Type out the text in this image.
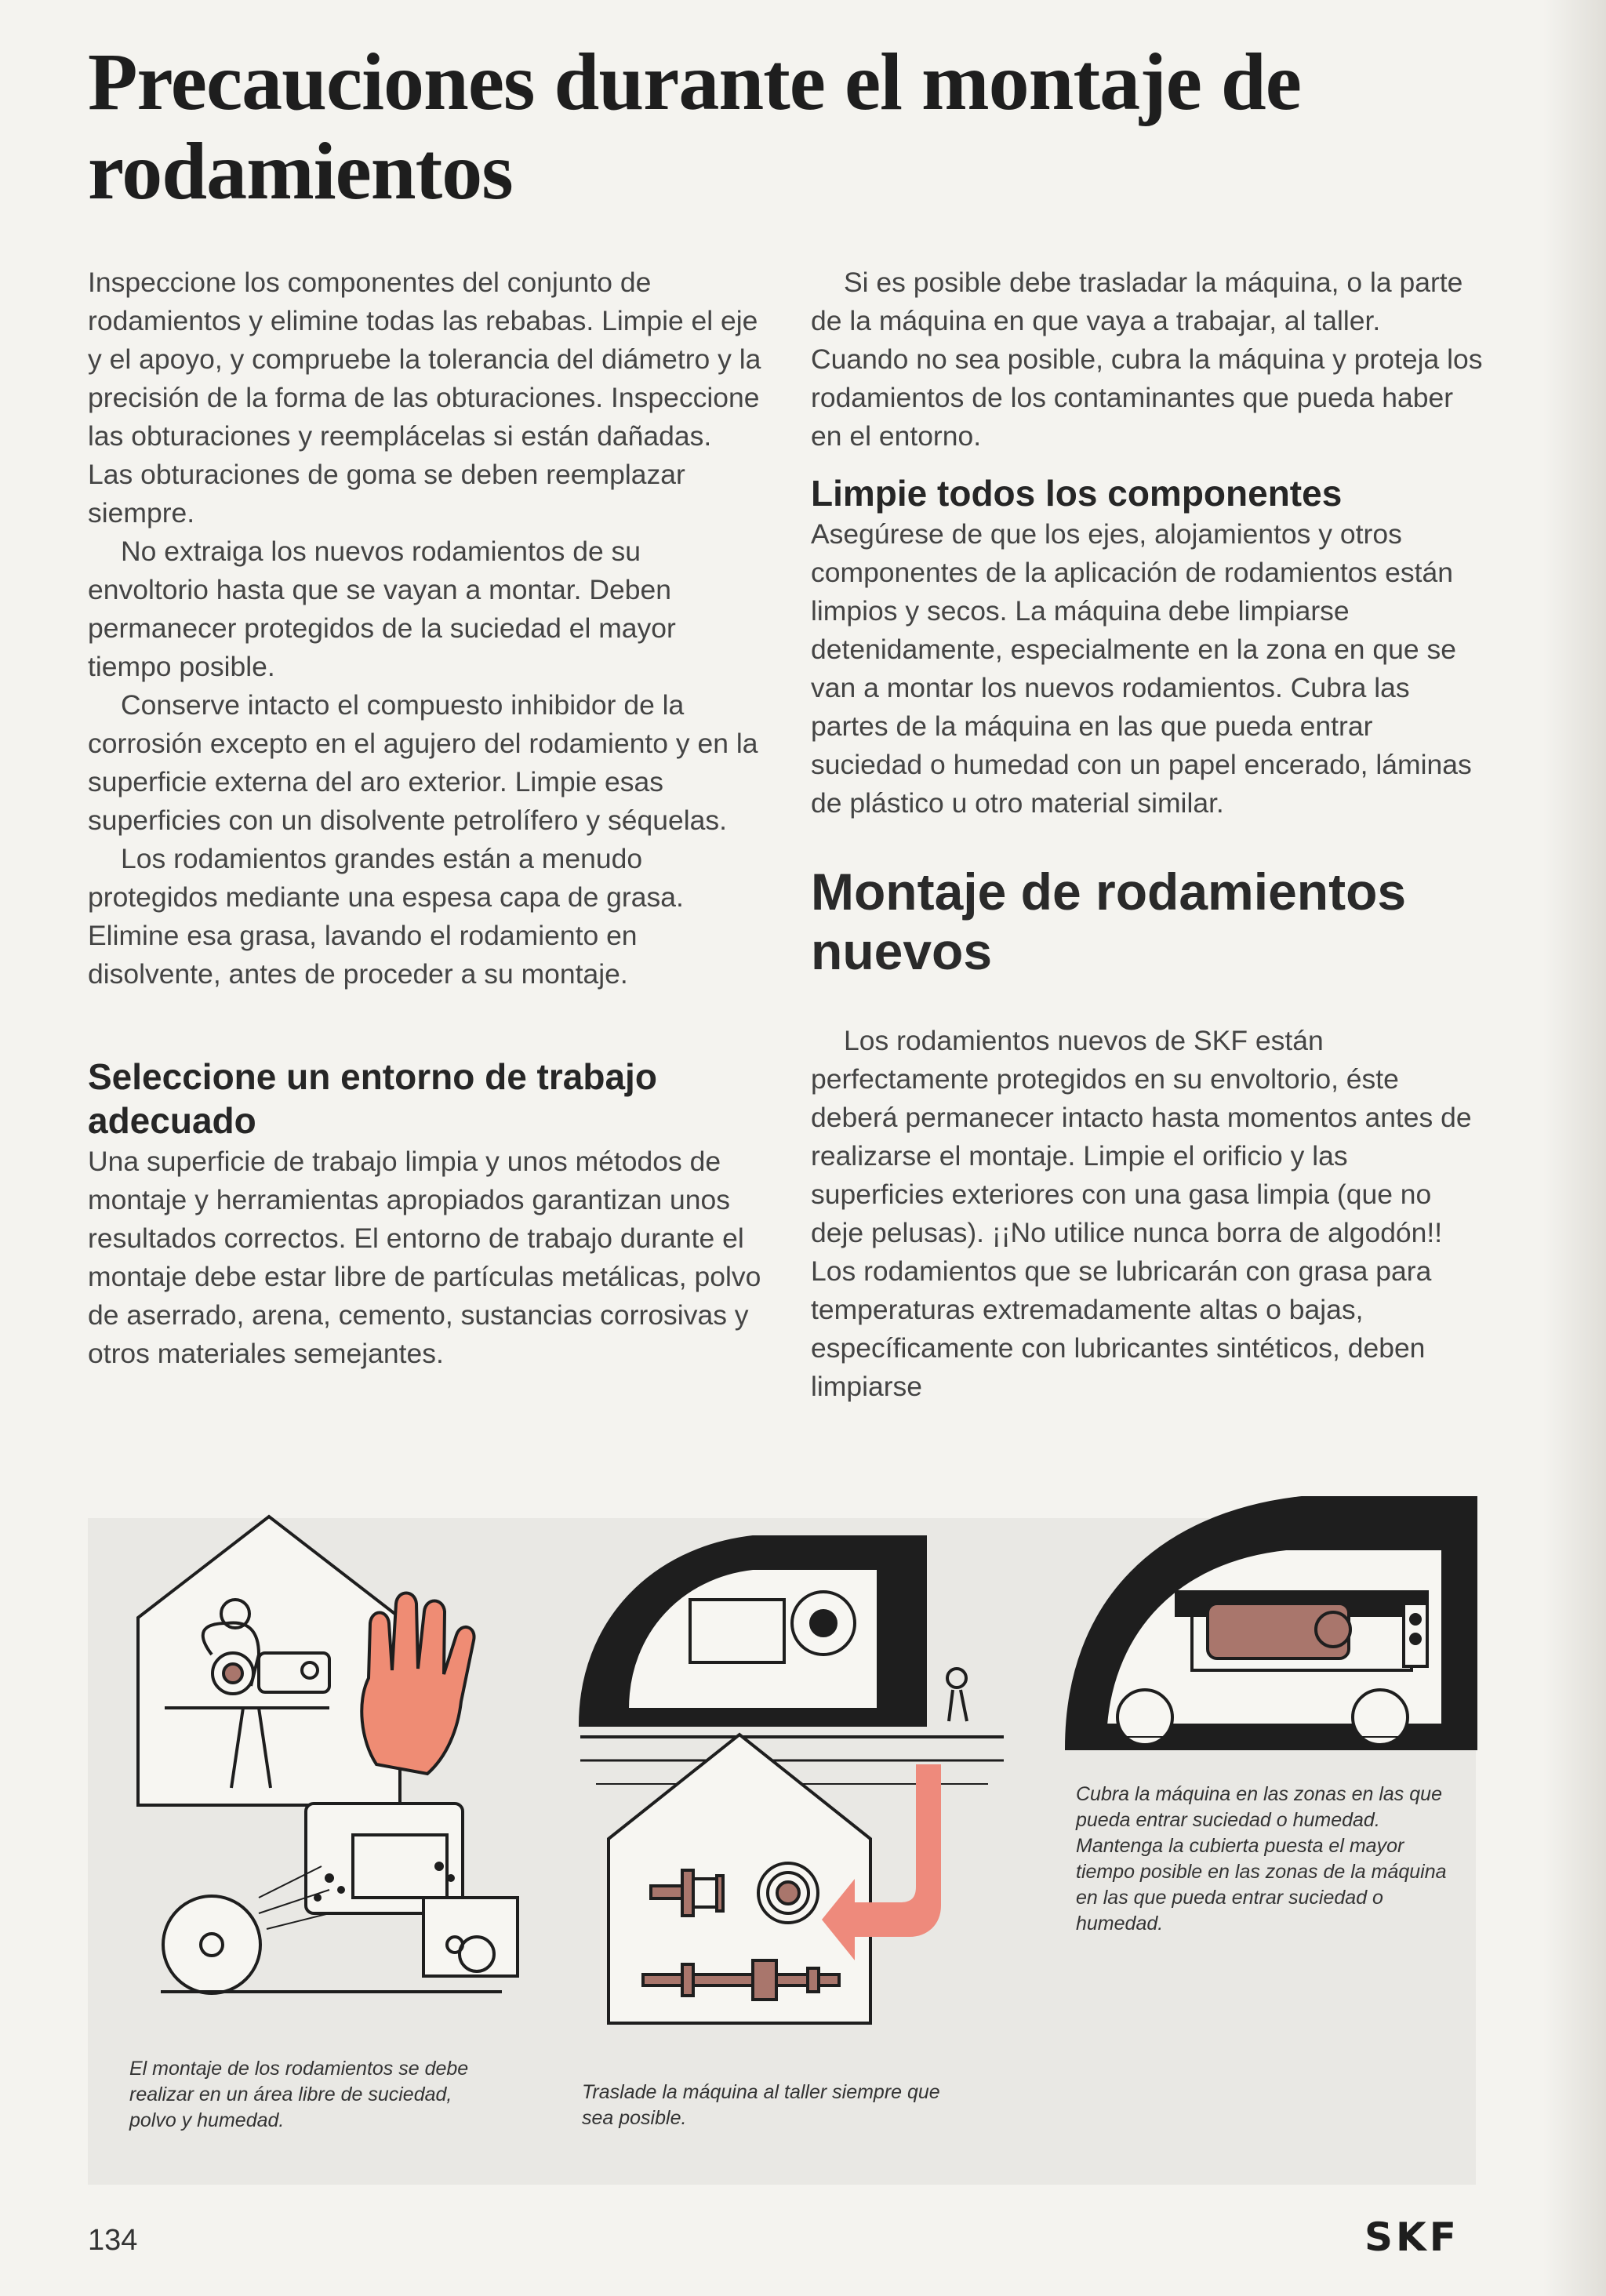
Precauciones durante el montaje de rodamientos

Inspeccione los componentes del conjunto de rodamientos y elimine todas las rebabas. Limpie el eje y el apoyo, y compruebe la tolerancia del diámetro y la precisión de la forma de las obturaciones. Inspeccione las obturaciones y reemplácelas si están dañadas. Las obturaciones de goma se deben reemplazar siempre.

No extraiga los nuevos rodamientos de su envoltorio hasta que se vayan a montar. Deben permanecer protegidos de la suciedad el mayor tiempo posible.

Conserve intacto el compuesto inhibidor de la corrosión excepto en el agujero del rodamiento y en la superficie externa del aro exterior. Limpie esas superficies con un disolvente petrolífero y séquelas.

Los rodamientos grandes están a menudo protegidos mediante una espesa capa de grasa. Elimine esa grasa, lavando el rodamiento en disolvente, antes de proceder a su montaje.

Seleccione un entorno de trabajo adecuado

Una superficie de trabajo limpia y unos métodos de montaje y herramientas apropiados garantizan unos resultados correctos. El entorno de trabajo durante el montaje debe estar libre de partículas metálicas, polvo de aserrado, arena, cemento, sustancias corrosivas y otros materiales semejantes.

Si es posible debe trasladar la máquina, o la parte de la máquina en que vaya a trabajar, al taller. Cuando no sea posible, cubra la máquina y proteja los rodamientos de los contaminantes que pueda haber en el entorno.

Limpie todos los componentes

Asegúrese de que los ejes, alojamientos y otros componentes de la aplicación de rodamientos están limpios y secos. La máquina debe limpiarse detenidamente, especialmente en la zona en que se van a montar los nuevos rodamientos. Cubra las partes de la máquina en las que pueda entrar suciedad o humedad con un papel encerado, láminas de plástico u otro material similar.

Montaje de rodamientos nuevos

Los rodamientos nuevos de SKF están perfectamente protegidos en su envoltorio, éste deberá permanecer intacto hasta momentos antes de realizarse el montaje. Limpie el orificio y las superficies exteriores con una gasa limpia (que no deje pelusas). ¡¡No utilice nunca borra de algodón!! Los rodamientos que se lubricarán con grasa para temperaturas extremadamente altas o bajas, específicamente con lubricantes sintéticos, deben limpiarse

El montaje de los rodamientos se debe realizar en un área libre de suciedad, polvo y humedad.
Traslade la máquina al taller siempre que sea posible.
Cubra la máquina en las zonas en las que pueda entrar suciedad o humedad. Mantenga la cubierta puesta el mayor tiempo posible en las zonas de la máquina en las que pueda entrar suciedad o humedad.
134	SKF
